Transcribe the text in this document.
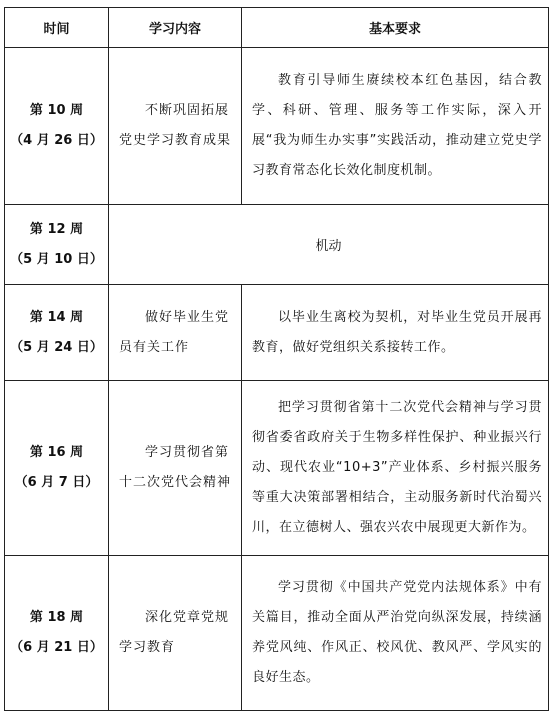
时间	学习内容	基本要求

第 10 周
（4 月 26 日）	不断巩固拓展党史学习教育成果	教育引导师生赓续校本红色基因，结合教学、科研、管理、服务等工作实际，深入开展“我为师生办实事”实践活动，推动建立党史学习教育常态化长效化制度机制。

第 12 周
（5 月 10 日）	机动	

第 14 周
（5 月 24 日）	做好毕业生党员有关工作	以毕业生离校为契机，对毕业生党员开展再教育，做好党组织关系接转工作。

第 16 周
（6 月 7 日）	学习贯彻省第十二次党代会精神	把学习贯彻省第十二次党代会精神与学习贯彻省委省政府关于生物多样性保护、种业振兴行动、现代农业“10+3”产业体系、乡村振兴服务等重大决策部署相结合，主动服务新时代治蜀兴川，在立德树人、强农兴农中展现更大新作为。

第 18 周
（6 月 21 日）	深化党章党规学习教育	学习贯彻《中国共产党党内法规体系》中有关篇目，推动全面从严治党向纵深发展，持续涵养党风纯、作风正、校风优、教风严、学风实的良好生态。
